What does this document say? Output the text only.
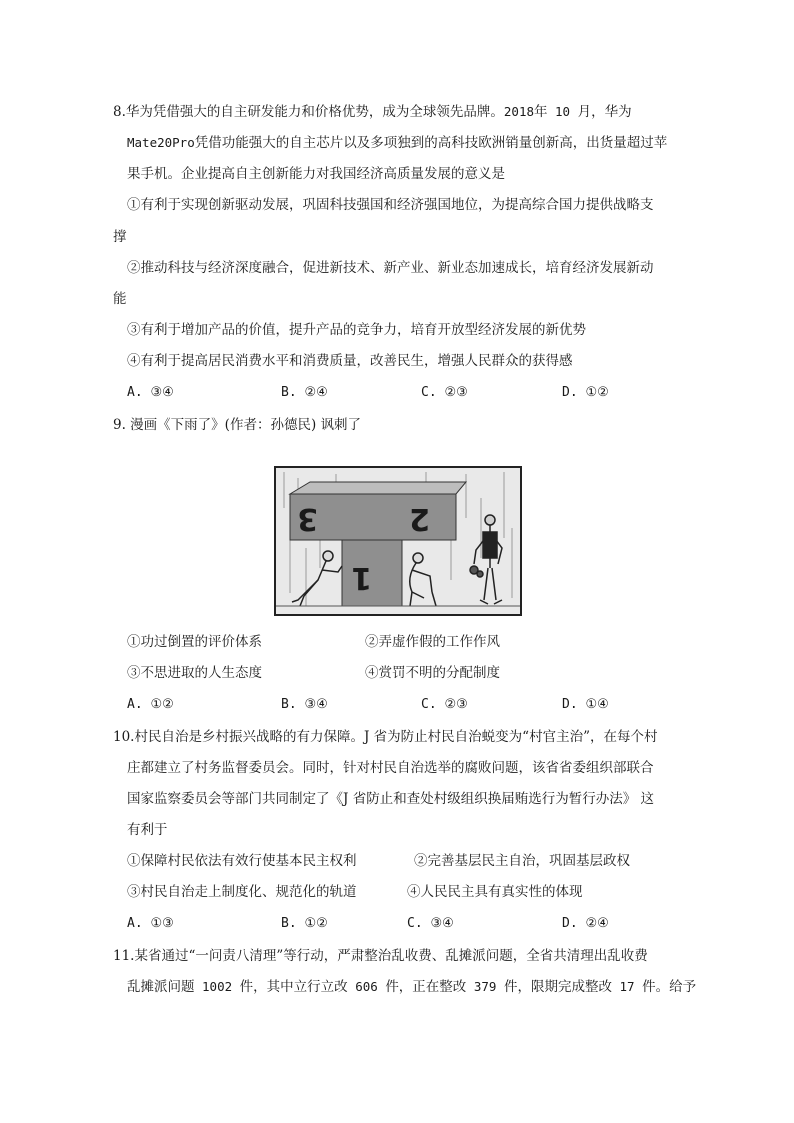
8.华为凭借强大的自主研发能力和价格优势，成为全球领先品牌。2018年 10 月，华为
Mate20Pro凭借功能强大的自主芯片以及多项独到的高科技欧洲销量创新高，出货量超过苹
果手机。企业提高自主创新能力对我国经济高质量发展的意义是
①有利于实现创新驱动发展，巩固科技强国和经济强国地位，为提高综合国力提供战略支
撑
②推动科技与经济深度融合，促进新技术、新产业、新业态加速成长，培育经济发展新动
能
③有利于增加产品的价值，提升产品的竞争力，培育开放型经济发展的新优势
④有利于提高居民消费水平和消费质量，改善民生，增强人民群众的获得感
A. ③④	B. ②④	C. ②③	D. ①②
9. 漫画《下雨了》(作者：孙德民) 讽刺了
3	2
1
①功过倒置的评价体系	②弄虚作假的工作作风
③不思进取的人生态度	④赏罚不明的分配制度
A. ①②	B. ③④	C. ②③	D. ①④
10.村民自治是乡村振兴战略的有力保障。J 省为防止村民自治蜕变为“村官主治”，在每个村
庄都建立了村务监督委员会。同时，针对村民自治选举的腐败问题，该省省委组织部联合
国家监察委员会等部门共同制定了《J 省防止和查处村级组织换届贿选行为暂行办法》 这
有利于
①保障村民依法有效行使基本民主权利	②完善基层民主自治，巩固基层政权
③村民自治走上制度化、规范化的轨道	④人民民主具有真实性的体现
A. ①③	B. ①②	C. ③④	D. ②④
11.某省通过“一问责八清理”等行动，严肃整治乱收费、乱摊派问题，全省共清理出乱收费
乱摊派问题 1002 件，其中立行立改 606 件，正在整改 379 件，限期完成整改 17 件。给予
